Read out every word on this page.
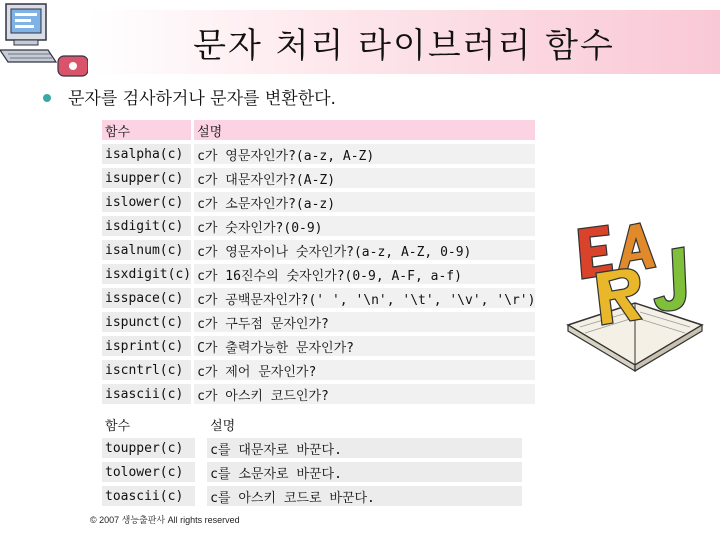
문자 처리 라이브러리 함수
문자를 검사하거나 문자를 변환한다.
함수		설명
isalpha(c)		c가 영문자인가?(a-z, A-Z)
isupper(c)		c가 대문자인가?(A-Z)
islower(c)		c가 소문자인가?(a-z)
isdigit(c)		c가 숫자인가?(0-9)
isalnum(c)		c가 영문자이나 숫자인가?(a-z, A-Z, 0-9)
isxdigit(c)		c가 16진수의 숫자인가?(0-9, A-F, a-f)
isspace(c)		c가 공백문자인가?(' ', '\n', '\t', '\v', '\r')
ispunct(c)		c가 구두점 문자인가?
isprint(c)		C가 출력가능한 문자인가?
iscntrl(c)		c가 제어 문자인가?
isascii(c)		c가 아스키 코드인가?
함수		설명
toupper(c)		c를 대문자로 바꾼다.
tolower(c)		c를 소문자로 바꾼다.
toascii(c)		c를 아스키 코드로 바꾼다.
© 2007 생능출판사 All rights reserved
